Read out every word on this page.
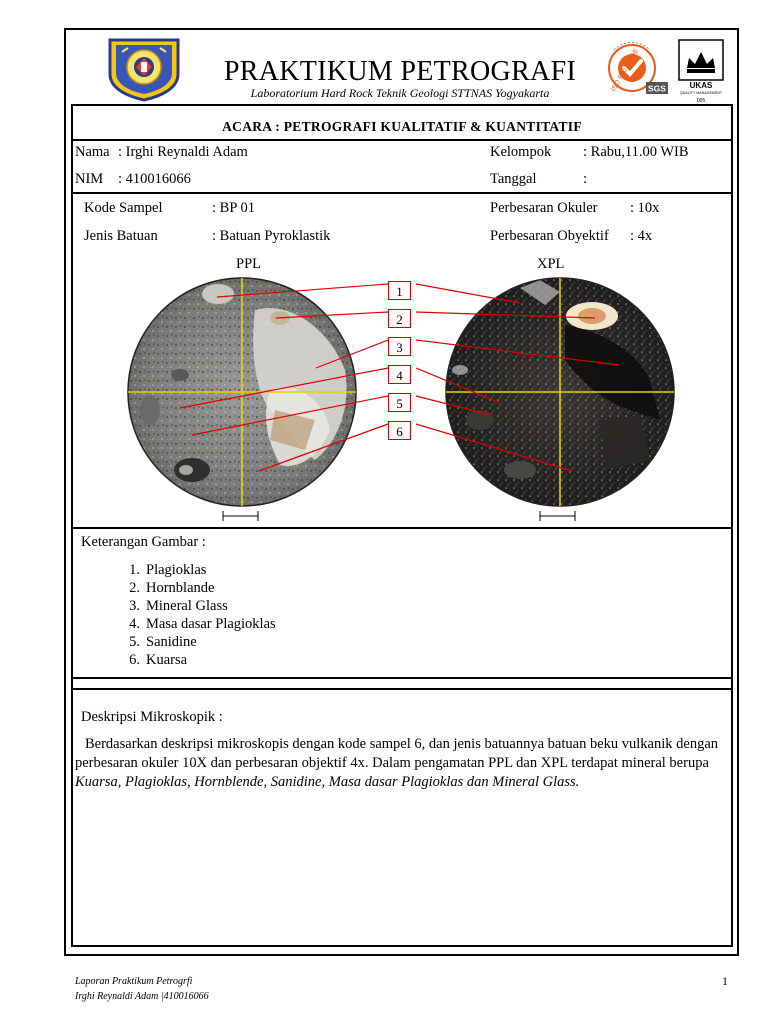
ISO 9001:2008 SGS	UKAS
QUALITY MANAGEMENT
005
PRAKTIKUM PETROGRAFI
Laboratorium Hard Rock Teknik Geologi STTNAS Yogyakarta
ACARA : PETROGRAFI KUALITATIF & KUANTITATIF
Nama : Irghi Reynaldi Adam
NIM : 410016066
Kelompok : Rabu,11.00 WIB
Tanggal	:
Kode Sampel	: BP 01
Jenis Batuan	: Batuan Pyroklastik
Perbesaran Okuler : 10x
Perbesaran Obyektif : 4x
PPL	XPL
1
2
3
4
5
6
Keterangan Gambar :
1. Plagioklas
2. Hornblande
3. Mineral Glass
4. Masa dasar Plagioklas
5. Sanidine
6. Kuarsa
Deskripsi Mikroskopik :
Berdasarkan deskripsi mikroskopis dengan kode sampel 6, dan jenis batuannya batuan beku vulkanik dengan perbesaran okuler 10X dan perbesaran objektif 4x. Dalam pengamatan PPL dan XPL terdapat mineral berupa Kuarsa, Plagioklas, Hornblende, Sanidine, Masa dasar Plagioklas dan Mineral Glass.
Laporan Praktikum Petrogrfi
Irghi Reynaldi Adam |410016066
1
